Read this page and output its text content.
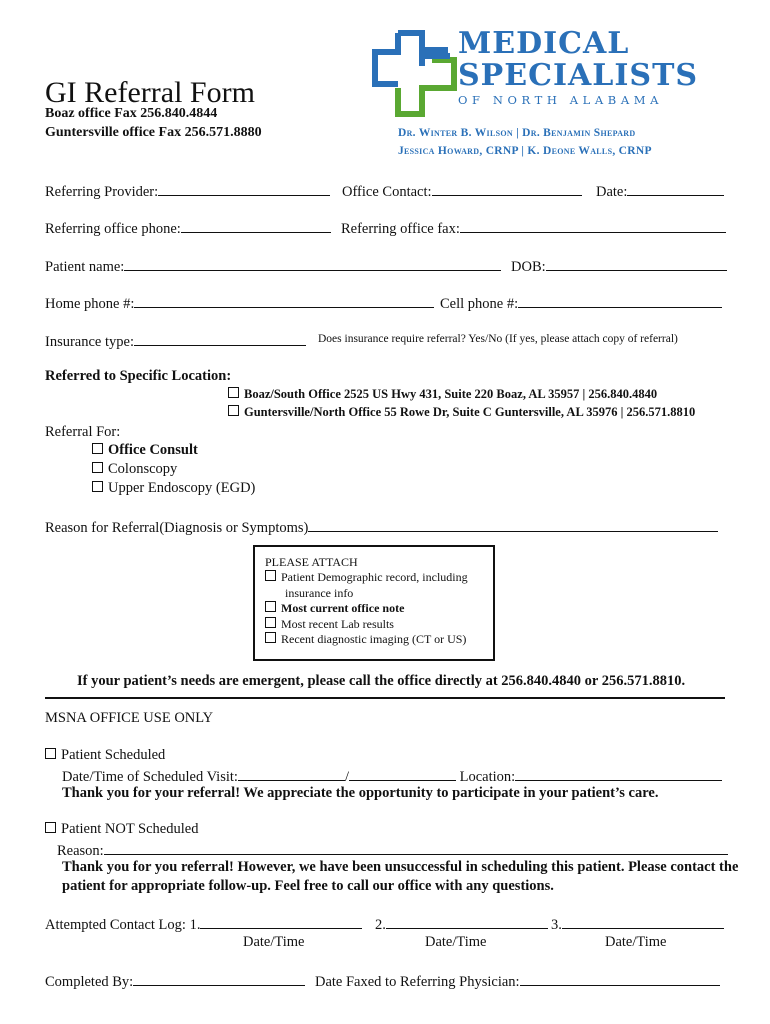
GI Referral Form
Boaz office Fax 256.840.4844
Guntersville office Fax 256.571.8880
MEDICAL
SPECIALISTS
OF NORTH ALABAMA
Dr. Winter B. Wilson | Dr. Benjamin Shepard
Jessica Howard, CRNP | K. Deone Walls, CRNP
Referring Provider:	Office Contact:	Date:
Referring office phone:	Referring office fax:
Patient name:	DOB:
Home phone #:	Cell phone #:
Insurance type:	Does insurance require referral? Yes/No (If yes, please attach copy of referral)
Referred to Specific Location:
Boaz/South Office 2525 US Hwy 431, Suite 220 Boaz, AL 35957 | 256.840.4840
Guntersville/North Office 55 Rowe Dr, Suite C Guntersville, AL 35976 | 256.571.8810
Referral For:
Office Consult
Colonscopy
Upper Endoscopy (EGD)
Reason for Referral(Diagnosis or Symptoms)
PLEASE ATTACH
Patient Demographic record, including
insurance info
Most current office note
Most recent Lab results
Recent diagnostic imaging (CT or US)
If your patient’s needs are emergent, please call the office directly at 256.840.4840 or 256.571.8810.
MSNA OFFICE USE ONLY
Patient Scheduled
Date/Time of Scheduled Visit:	/	Location:
Thank you for your referral! We appreciate the opportunity to participate in your patient’s care.
Patient NOT Scheduled
Reason:
Thank you for you referral! However, we have been unsuccessful in scheduling this patient. Please contact the
patient for appropriate follow-up. Feel free to call our office with any questions.
Attempted Contact Log: 1.	2.	3.
Date/Time	Date/Time	Date/Time
Completed By:	Date Faxed to Referring Physician:
